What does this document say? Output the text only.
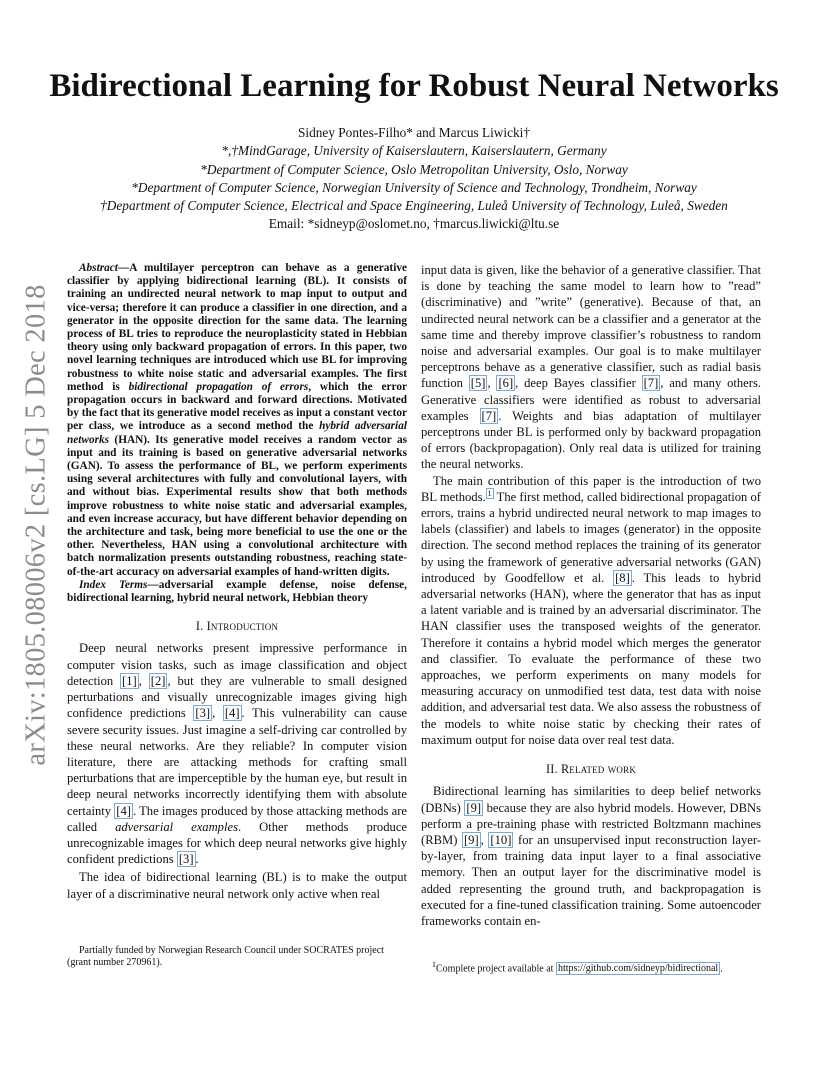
arXiv:1805.08006v2 [cs.LG] 5 Dec 2018
Bidirectional Learning for Robust Neural Networks
Sidney Pontes-Filho* and Marcus Liwicki†
*,†MindGarage, University of Kaiserslautern, Kaiserslautern, Germany
*Department of Computer Science, Oslo Metropolitan University, Oslo, Norway
*Department of Computer Science, Norwegian University of Science and Technology, Trondheim, Norway
†Department of Computer Science, Electrical and Space Engineering, Luleå University of Technology, Luleå, Sweden
Email: *sidneyp@oslomet.no, †marcus.liwicki@ltu.se

Abstract—A multilayer perceptron can behave as a generative classifier by applying bidirectional learning (BL). It consists of training an undirected neural network to map input to output and vice-versa; therefore it can produce a classifier in one direction, and a generator in the opposite direction for the same data. The learning process of BL tries to reproduce the neuroplasticity stated in Hebbian theory using only backward propagation of errors. In this paper, two novel learning techniques are introduced which use BL for improving robustness to white noise static and adversarial examples. The first method is bidirectional propagation of errors, which the error propagation occurs in backward and forward directions. Motivated by the fact that its generative model receives as input a constant vector per class, we introduce as a second method the hybrid adversarial networks (HAN). Its generative model receives a random vector as input and its training is based on generative adversarial networks (GAN). To assess the performance of BL, we perform experiments using several architectures with fully and convolutional layers, with and without bias. Experimental results show that both methods improve robustness to white noise static and adversarial examples, and even increase accuracy, but have different behavior depending on the architecture and task, being more beneficial to use the one or the other. Nevertheless, HAN using a convolutional architecture with batch normalization presents outstanding robustness, reaching state-of-the-art accuracy on adversarial examples of hand-written digits.

Index Terms—adversarial example defense, noise defense, bidirectional learning, hybrid neural network, Hebbian theory

I. Introduction

Deep neural networks present impressive performance in computer vision tasks, such as image classification and object detection [1] , [2] , but they are vulnerable to small designed perturbations and visually unrecognizable images giving high confidence predictions [3] , [4] . This vulnerability can cause severe security issues. Just imagine a self-driving car controlled by these neural networks. Are they reliable? In computer vision literature, there are attacking methods for crafting small perturbations that are imperceptible by the human eye, but result in deep neural networks incorrectly identifying them with absolute certainty [4] . The images produced by those attacking methods are called adversarial examples. Other methods produce unrecognizable images for which deep neural networks give highly confident predictions [3] .

The idea of bidirectional learning (BL) is to make the output layer of a discriminative neural network only active when real

input data is given, like the behavior of a generative classifier. That is done by teaching the same model to learn how to ”read” (discriminative) and ”write” (generative). Because of that, an undirected neural network can be a classifier and a generator at the same time and thereby improve classifier’s robustness to random noise and adversarial examples. Our goal is to make multilayer perceptrons behave as a generative classifier, such as radial basis function [5] , [6] , deep Bayes classifier [7] , and many others. Generative classifiers were identified as robust to adversarial examples [7] . Weights and bias adaptation of multilayer perceptrons under BL is performed only by backward propagation of errors (backpropagation). Only real data is utilized for training the neural networks.

The main contribution of this paper is the introduction of two BL methods. $^1$ The first method, called bidirectional propagation of errors, trains a hybrid undirected neural network to map images to labels (classifier) and labels to images (generator) in the opposite direction. The second method replaces the training of its generator by using the framework of generative adversarial networks (GAN) introduced by Goodfellow et al. [8] . This leads to hybrid adversarial networks (HAN), where the generator that has as input a latent variable and is trained by an adversarial discriminator. The HAN classifier uses the transposed weights of the generator. Therefore it contains a hybrid model which merges the generator and classifier. To evaluate the performance of these two approaches, we perform experiments on many models for measuring accuracy on unmodified test data, test data with noise addition, and adversarial test data. We also assess the robustness of the models to white noise static by checking their rates of maximum output for noise data over real test data.

II. Related work

Bidirectional learning has similarities to deep belief networks (DBNs) [9] because they are also hybrid models. However, DBNs perform a pre-training phase with restricted Boltzmann machines (RBM) [9] , [10] for an unsupervised input reconstruction layer-by-layer, from training data input layer to a final associative memory. Then an output layer for the discriminative model is added representing the ground truth, and backpropagation is executed for a fine-tuned classification training. Some autoencoder frameworks contain en-

Partially funded by Norwegian Research Council under SOCRATES project (grant number 270961).	$^1$Complete project available at https://github.com/sidneyp/bidirectional .
